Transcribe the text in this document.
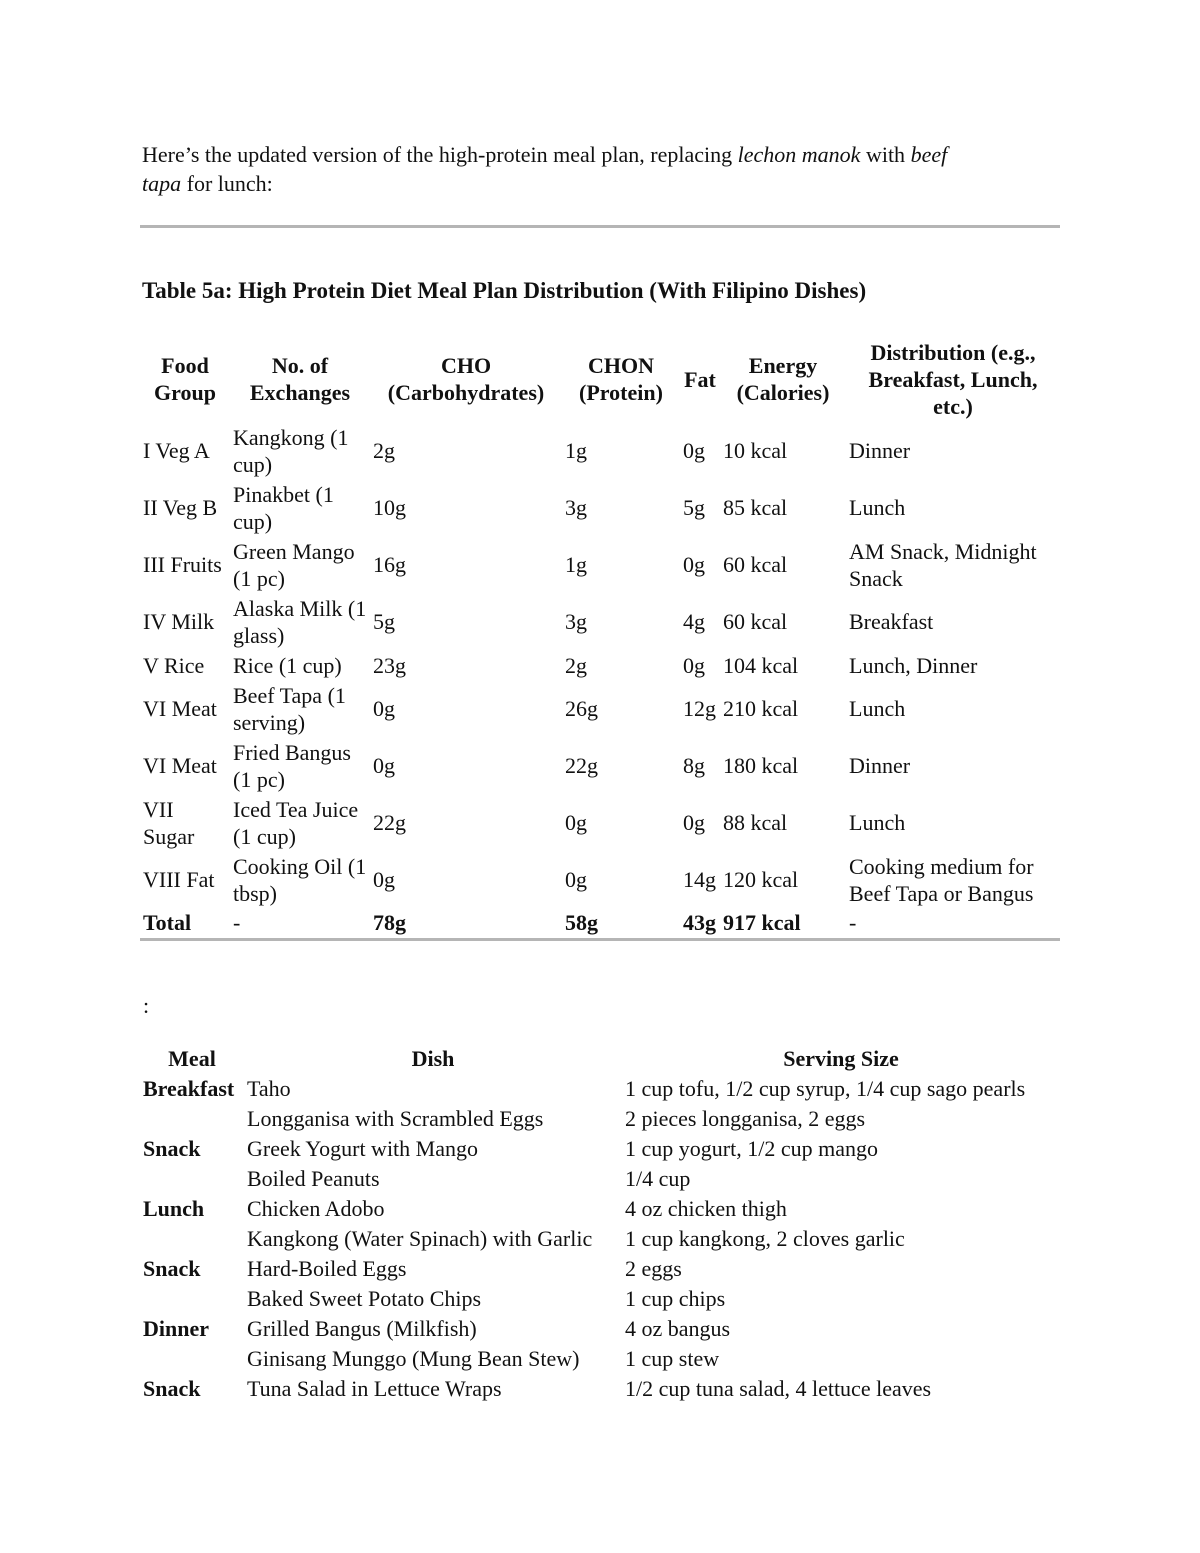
Here’s the updated version of the high-protein meal plan, replacing lechon manok with beef
tapa for lunch:

Table 5a: High Protein Diet Meal Plan Distribution (With Filipino Dishes)
Food Group	No. of Exchanges	CHO (Carbohydrates)	CHON (Protein)	Fat	Energy (Calories)	Distribution (e.g., Breakfast, Lunch, etc.)
I Veg A	Kangkong (1 cup)	2g	1g	0g	10 kcal	Dinner
II Veg B	Pinakbet (1 cup)	10g	3g	5g	85 kcal	Lunch
III Fruits	Green Mango (1 pc)	16g	1g	0g	60 kcal	AM Snack, Midnight Snack
IV Milk	Alaska Milk (1 glass)	5g	3g	4g	60 kcal	Breakfast
V Rice	Rice (1 cup)	23g	2g	0g	104 kcal	Lunch, Dinner
VI Meat	Beef Tapa (1 serving)	0g	26g	12g	210 kcal	Lunch
VI Meat	Fried Bangus (1 pc)	0g	22g	8g	180 kcal	Dinner
VII Sugar	Iced Tea Juice (1 cup)	22g	0g	0g	88 kcal	Lunch
VIII Fat	Cooking Oil (1 tbsp)	0g	0g	14g	120 kcal	Cooking medium for Beef Tapa or Bangus
Total	-	78g	58g	43g	917 kcal	-
:
Meal	Dish	Serving Size
Breakfast	Taho	1 cup tofu, 1/2 cup syrup, 1/4 cup sago pearls
	Longganisa with Scrambled Eggs	2 pieces longganisa, 2 eggs
Snack	Greek Yogurt with Mango	1 cup yogurt, 1/2 cup mango
	Boiled Peanuts	1/4 cup
Lunch	Chicken Adobo	4 oz chicken thigh
	Kangkong (Water Spinach) with Garlic	1 cup kangkong, 2 cloves garlic
Snack	Hard-Boiled Eggs	2 eggs
	Baked Sweet Potato Chips	1 cup chips
Dinner	Grilled Bangus (Milkfish)	4 oz bangus
	Ginisang Munggo (Mung Bean Stew)	1 cup stew
Snack	Tuna Salad in Lettuce Wraps	1/2 cup tuna salad, 4 lettuce leaves
